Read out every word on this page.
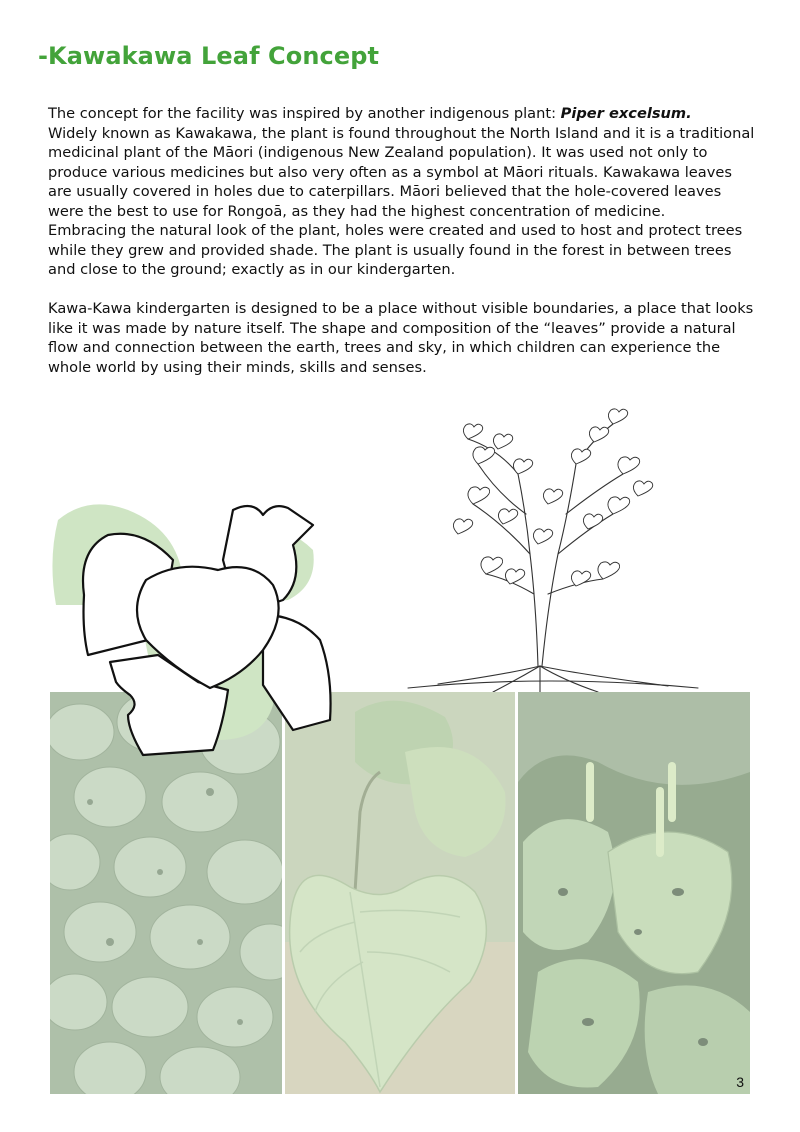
-Kawakawa Leaf Concept

The concept for the facility was inspired by another indigenous plant: Piper excelsum.
Widely known as Kawakawa, the plant is found throughout the North Island and it is a traditional medicinal plant of the Māori (indigenous New Zealand population). It was used not only to produce various medicines but also very often as a symbol at Māori rituals. Kawakawa leaves are usually covered in holes due to caterpillars. Māori believed that the hole-covered leaves were the best to use for Rongoā, as they had the highest concentration of medicine.

Embracing the natural look of the plant, holes were created and used to host and protect trees while they grew and provided shade. The plant is usually found in the forest in between trees and close to the ground; exactly as in our kindergarten.

Kawa-Kawa kindergarten is designed to be a place without visible boundaries, a place that looks like it was made by nature itself. The shape and composition of the “leaves” provide a natural flow and connection between the earth, trees and sky, in which children can experience the whole world by using their minds, skills and senses.

3
